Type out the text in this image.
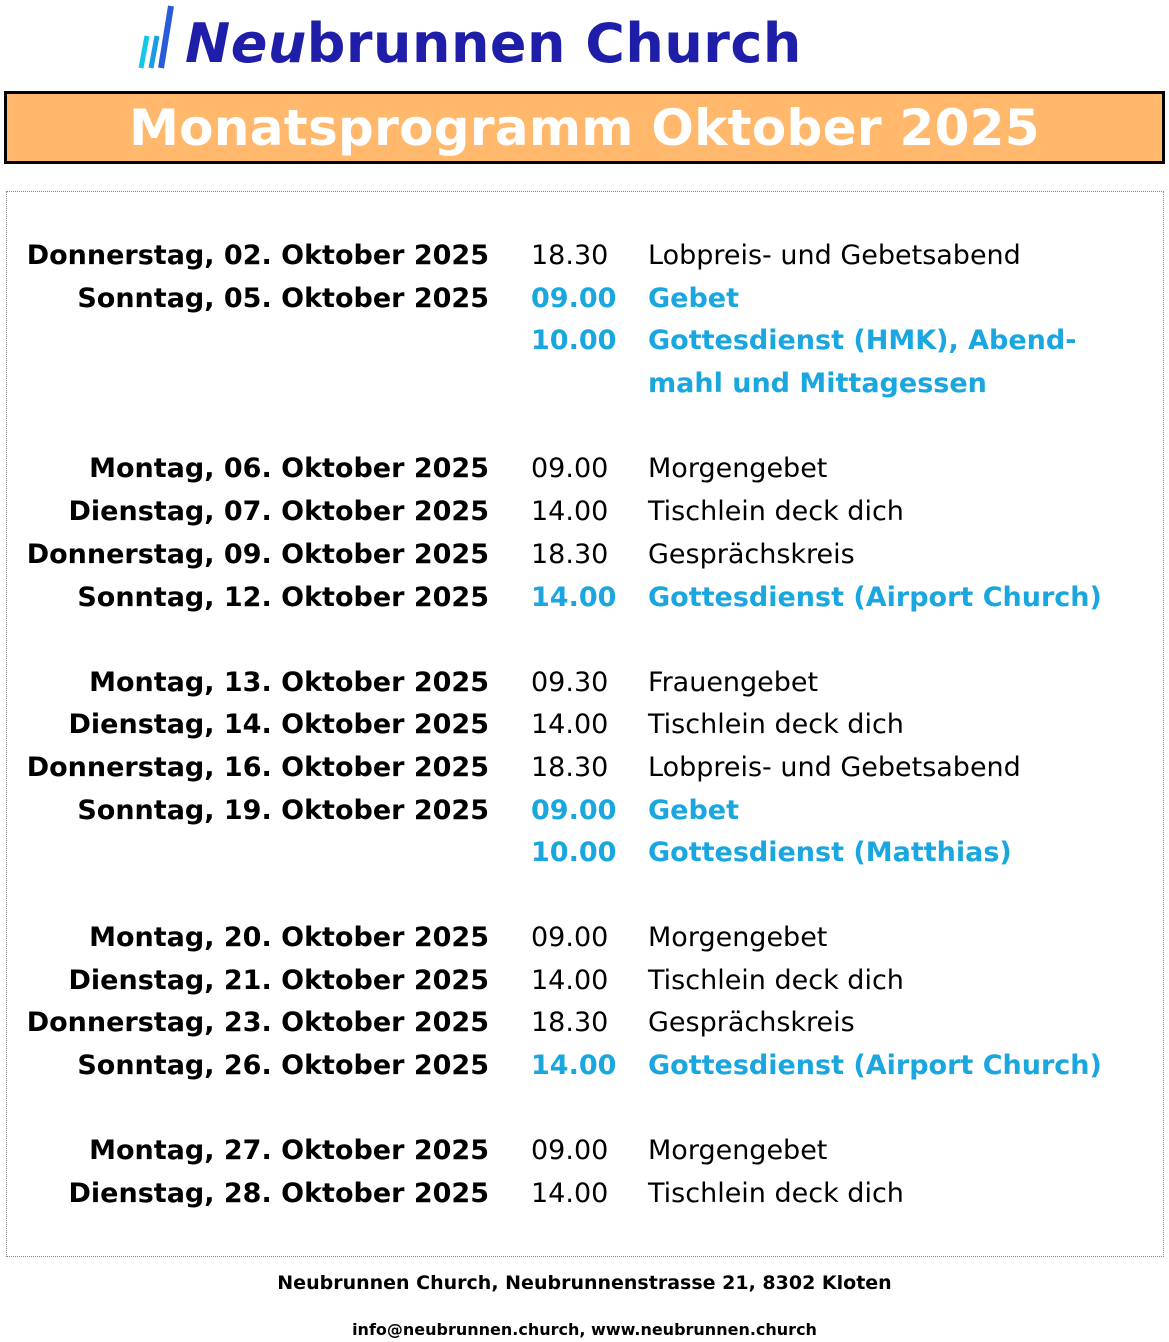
Neubrunnen Church
Monatsprogramm Oktober 2025
Donnerstag, 02. Oktober 2025 18.30 Lobpreis- und Gebetsabend
Sonntag, 05. Oktober 2025 09.00 Gebet
10.00 Gottesdienst (HMK), Abend-
mahl und Mittagessen
Montag, 06. Oktober 2025 09.00 Morgengebet
Dienstag, 07. Oktober 2025 14.00 Tischlein deck dich
Donnerstag, 09. Oktober 2025 18.30 Gesprächskreis
Sonntag, 12. Oktober 2025 14.00 Gottesdienst (Airport Church)
Montag, 13. Oktober 2025 09.30 Frauengebet
Dienstag, 14. Oktober 2025 14.00 Tischlein deck dich
Donnerstag, 16. Oktober 2025 18.30 Lobpreis- und Gebetsabend
Sonntag, 19. Oktober 2025 09.00 Gebet
10.00 Gottesdienst (Matthias)
Montag, 20. Oktober 2025 09.00 Morgengebet
Dienstag, 21. Oktober 2025 14.00 Tischlein deck dich
Donnerstag, 23. Oktober 2025 18.30 Gesprächskreis
Sonntag, 26. Oktober 2025 14.00 Gottesdienst (Airport Church)
Montag, 27. Oktober 2025 09.00 Morgengebet
Dienstag, 28. Oktober 2025 14.00 Tischlein deck dich
Neubrunnen Church, Neubrunnenstrasse 21, 8302 Kloten
info@neubrunnen.church, www.neubrunnen.church
